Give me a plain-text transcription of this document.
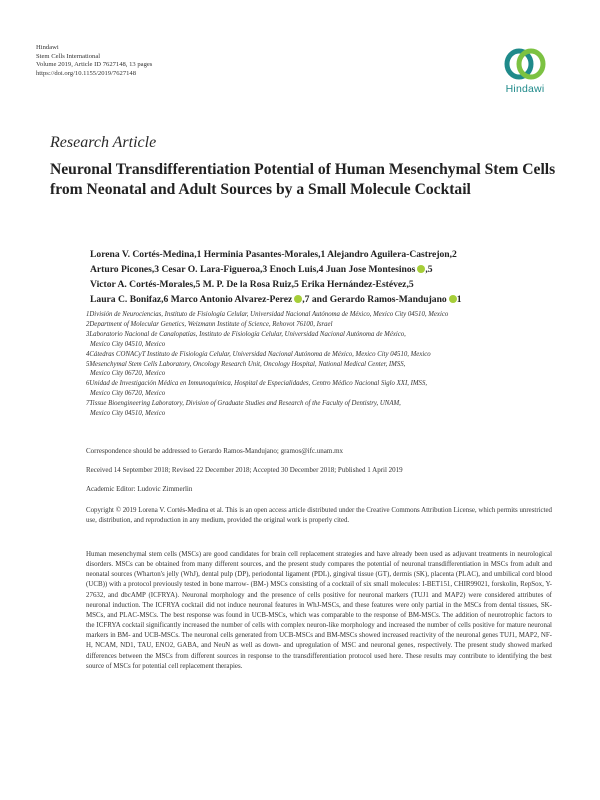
Hindawi
Stem Cells International
Volume 2019, Article ID 7627148, 13 pages
https://doi.org/10.1155/2019/7627148
Hindawi
Research Article
Neuronal Transdifferentiation Potential of Human Mesenchymal Stem Cells from Neonatal and Adult Sources by a Small Molecule Cocktail
Lorena V. Cortés-Medina,1 Herminia Pasantes-Morales,1 Alejandro Aguilera-Castrejon,2
Arturo Picones,3 Cesar O. Lara-Figueroa,3 Enoch Luis,4 Juan Jose Montesinos ,5
Victor A. Cortés-Morales,5 M. P. De la Rosa Ruiz,5 Erika Hernández-Estévez,5
Laura C. Bonifaz,6 Marco Antonio Alvarez-Perez ,7 and Gerardo Ramos-Mandujano 1
1División de Neurociencias, Instituto de Fisiología Celular, Universidad Nacional Autónoma de México, Mexico City 04510, Mexico
2Department of Molecular Genetics, Weizmann Institute of Science, Rehovot 76100, Israel
3Laboratorio Nacional de Canalopatías, Instituto de Fisiología Celular, Universidad Nacional Autónoma de México,
Mexico City 04510, Mexico
4Cátedras CONACyT Instituto de Fisiología Celular, Universidad Nacional Autónoma de México, Mexico City 04510, Mexico
5Mesenchymal Stem Cells Laboratory, Oncology Research Unit, Oncology Hospital, National Medical Center, IMSS,
Mexico City 06720, Mexico
6Unidad de Investigación Médica en Inmunoquímica, Hospital de Especialidades, Centro Médico Nacional Siglo XXI, IMSS,
Mexico City 06720, Mexico
7Tissue Bioengineering Laboratory, Division of Graduate Studies and Research of the Faculty of Dentistry, UNAM,
Mexico City 04510, Mexico
Correspondence should be addressed to Gerardo Ramos-Mandujano; gramos@ifc.unam.mx
Received 14 September 2018; Revised 22 December 2018; Accepted 30 December 2018; Published 1 April 2019
Academic Editor: Ludovic Zimmerlin
Copyright © 2019 Lorena V. Cortés-Medina et al. This is an open access article distributed under the Creative Commons Attribution License, which permits unrestricted use, distribution, and reproduction in any medium, provided the original work is properly cited.
Human mesenchymal stem cells (MSCs) are good candidates for brain cell replacement strategies and have already been used as adjuvant treatments in neurological disorders. MSCs can be obtained from many different sources, and the present study compares the potential of neuronal transdifferentiation in MSCs from adult and neonatal sources (Wharton's jelly (WhJ), dental pulp (DP), periodontal ligament (PDL), gingival tissue (GT), dermis (SK), placenta (PLAC), and umbilical cord blood (UCB)) with a protocol previously tested in bone marrow- (BM-) MSCs consisting of a cocktail of six small molecules: I-BET151, CHIR99021, forskolin, RepSox, Y-27632, and dbcAMP (ICFRYA). Neuronal morphology and the presence of cells positive for neuronal markers (TUJ1 and MAP2) were considered attributes of neuronal induction. The ICFRYA cocktail did not induce neuronal features in WhJ-MSCs, and these features were only partial in the MSCs from dental tissues, SK-MSCs, and PLAC-MSCs. The best response was found in UCB-MSCs, which was comparable to the response of BM-MSCs. The addition of neurotrophic factors to the ICFRYA cocktail significantly increased the number of cells with complex neuron-like morphology and increased the number of cells positive for mature neuronal markers in BM- and UCB-MSCs. The neuronal cells generated from UCB-MSCs and BM-MSCs showed increased reactivity of the neuronal genes TUJ1, MAP2, NF-H, NCAM, ND1, TAU, ENO2, GABA, and NeuN as well as down- and upregulation of MSC and neuronal genes, respectively. The present study showed marked differences between the MSCs from different sources in response to the transdifferentiation protocol used here. These results may contribute to identifying the best source of MSCs for potential cell replacement therapies.
